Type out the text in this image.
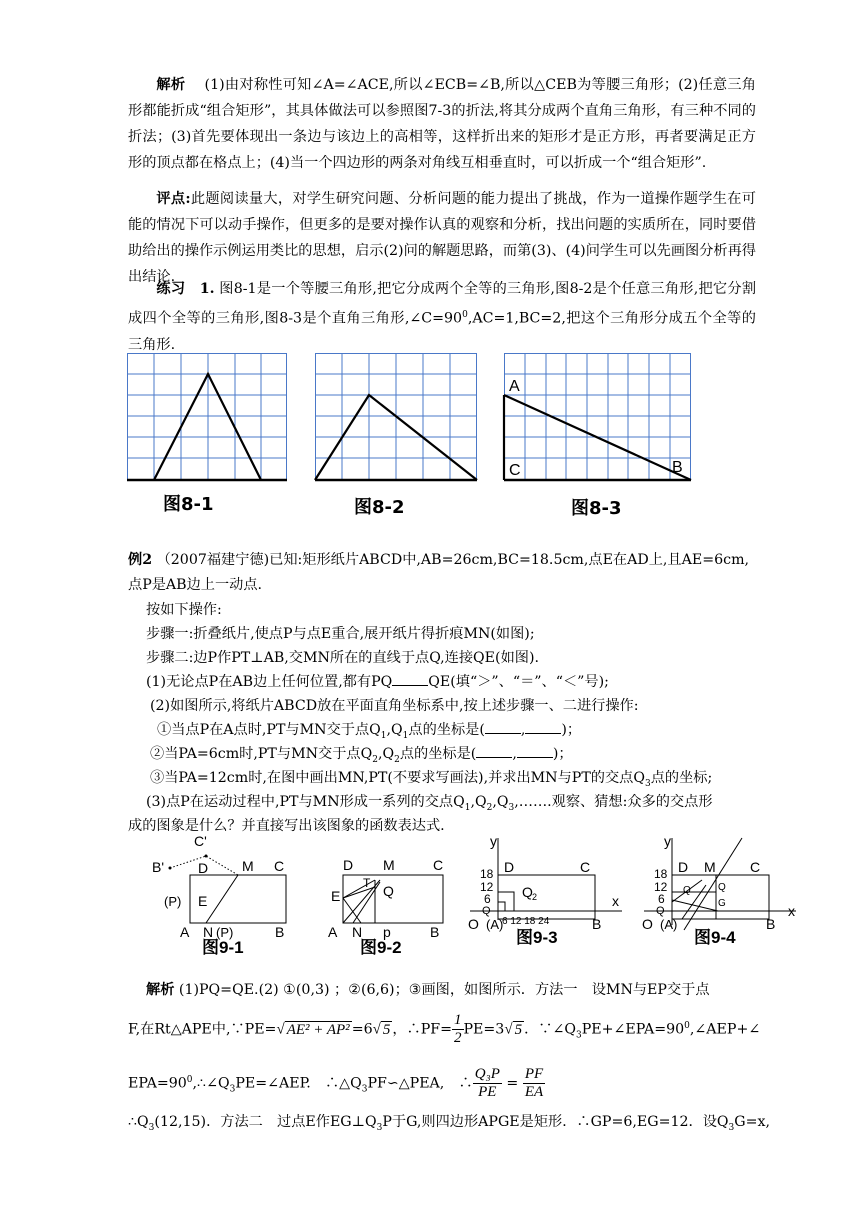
解析　 (1)由对称性可知∠A=∠ACE,所以∠ECB=∠B,所以△CEB为等腰三角形；(2)任意三角形都能折成“组合矩形”，其具体做法可以参照图7-3的折法,将其分成两个直角三角形，有三种不同的折法；(3)首先要体现出一条边与该边上的高相等，这样折出来的矩形才是正方形，再者要满足正方形的顶点都在格点上；(4)当一个四边形的两条对角线互相垂直时，可以折成一个“组合矩形”.
评点:此题阅读量大，对学生研究问题、分析问题的能力提出了挑战，作为一道操作题学生在可能的情况下可以动手操作，但更多的是要对操作认真的观察和分析，找出问题的实质所在，同时要借助给出的操作示例运用类比的思想，启示(2)问的解题思路，而第(3)、(4)问学生可以先画图分析再得出结论.
练习　1. 图8-1是一个等腰三角形,把它分成两个全等的三角形,图8-2是个任意三角形,把它分割成四个全等的三角形,图8-3是个直角三角形$,\angle C=90^0,AC=1,BC=2$,把这个三角形分成五个全等的三角形.
图8-1	图8-2
A
C	B
图8-3
例2 （2007福建宁德)已知:矩形纸片ABCD中,AB=26cm,BC=18.5cm,点E在AD上,且AE=6cm,
点P是AB边上一动点.
按如下操作:
步骤一:折叠纸片,使点P与点E重合,展开纸片得折痕MN(如图);
步骤二:边P作PT⊥AB,交MN所在的直线于点Q,连接QE(如图).
(1)无论点P在AB边上任何位置,都有PQ	QE(填“＞”、“＝”、“＜”号);
(2)如图所示,将纸片ABCD放在平面直角坐标系中,按上述步骤一、二进行操作:
①当点P在A点时,PT与MN交于点$Q_1,Q_1$点的坐标是(	,	)；
②当PA=6cm时,PT与MN交于点$Q_2,Q_2$点的坐标是(	,	)；
③当PA=12cm时,在图中画出MN,PT(不要求写画法),并求出MN与PT的交点$Q_3$点的坐标;
(3)点P在运动过程中,PT与MN形成一系列的交点$Q_1,Q_2,Q_3,\dots\dots$.观察、猜想:众多的交点形
成的图象是什么？并直接写出该图象的函数表达式.
C'
B' D M C
(P) E
A N (P)	B
图9-1
D M	C
T Q
E
A N p	B
图9-2
y
x
18
12
6
D	C
Q 2
Q
6 12 18 24
O (A)	B
图9-3
y
x
18
12
6
D M C
Q	Q
G
Q
O (A)	B
图9-4
解析 (1)PQ=QE.(2) ①(0,3) ；②(6,6)；③画图，如图所示．方法一　设MN与EP交于点
F,在Rt△APE中,∵PE=√ AE² + AP² =6√ 5 ，∴PF= $\frac{1}{2} PE=3√$ 5 ．$\because\angle Q_3PE+\angle EPA=90^0,\angle AEP+\angle$
$EPA=90^0,\therefore\angle Q_3PE=\angle AEP$.　$\therefore\triangle Q_3PF∽\triangle PEA$,　∴ $\frac{\text{Q₃P}}{PE} = \frac{PF}{EA}$
$\therefore Q_3(12,15)$．方法二　过点E作$EG\perp Q_3P$于G,则四边形APGE是矩形．∴GP=6,EG=12．设$Q_3G=x$,
